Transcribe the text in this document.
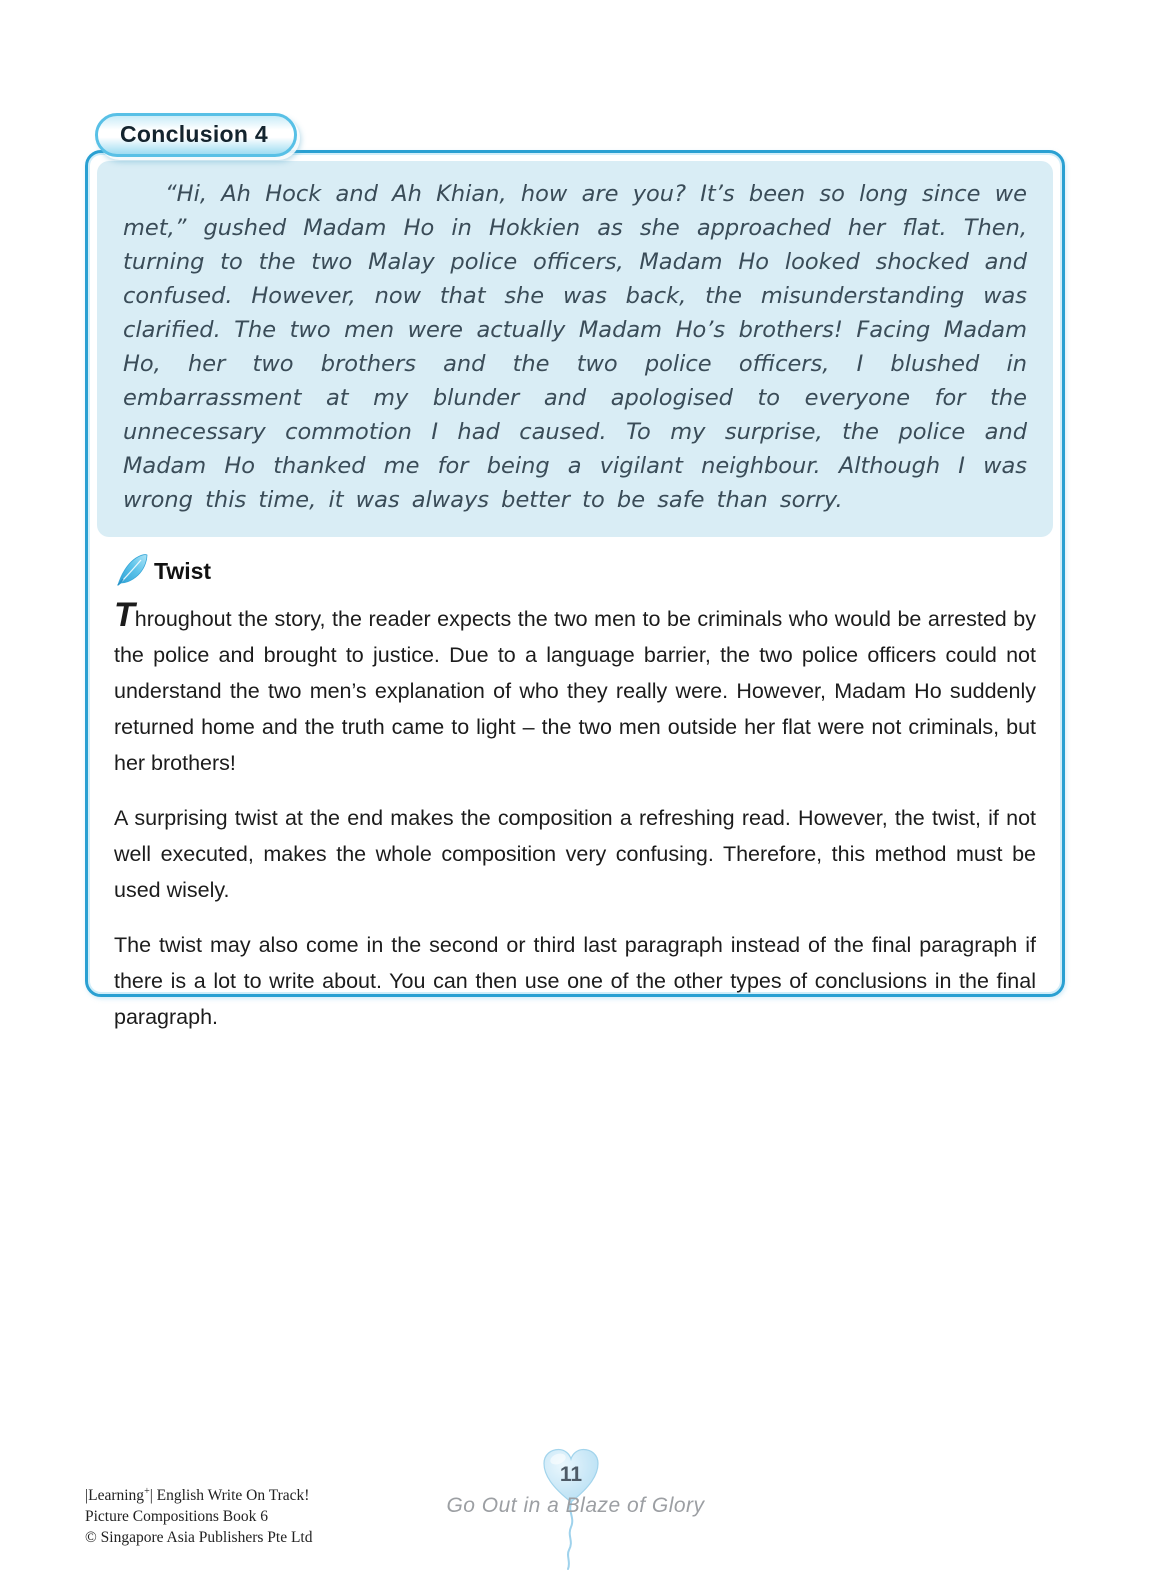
Conclusion 4

“Hi, Ah Hock and Ah Khian, how are you? It’s been so long since we met,” gushed Madam Ho in Hokkien as she approached her flat. Then, turning to the two Malay police officers, Madam Ho looked shocked and confused. However, now that she was back, the misunderstanding was clarified. The two men were actually Madam Ho’s brothers! Facing Madam Ho, her two brothers and the two police officers, I blushed in embarrassment at my blunder and apologised to everyone for the unnecessary commotion I had caused. To my surprise, the police and Madam Ho thanked me for being a vigilant neighbour. Although I was wrong this time, it was always better to be safe than sorry.

Twist

Throughout the story, the reader expects the two men to be criminals who would be arrested by the police and brought to justice. Due to a language barrier, the two police officers could not understand the two men’s explanation of who they really were. However, Madam Ho suddenly returned home and the truth came to light – the two men outside her flat were not criminals, but her brothers!

A surprising twist at the end makes the composition a refreshing read. However, the twist, if not well executed, makes the whole composition very confusing. Therefore, this method must be used wisely.

The twist may also come in the second or third last paragraph instead of the final paragraph if there is a lot to write about. You can then use one of the other types of conclusions in the final paragraph.

|Learning+| English Write On Track!
Picture Compositions Book 6
© Singapore Asia Publishers Pte Ltd
11
Go Out in a Blaze of Glory
